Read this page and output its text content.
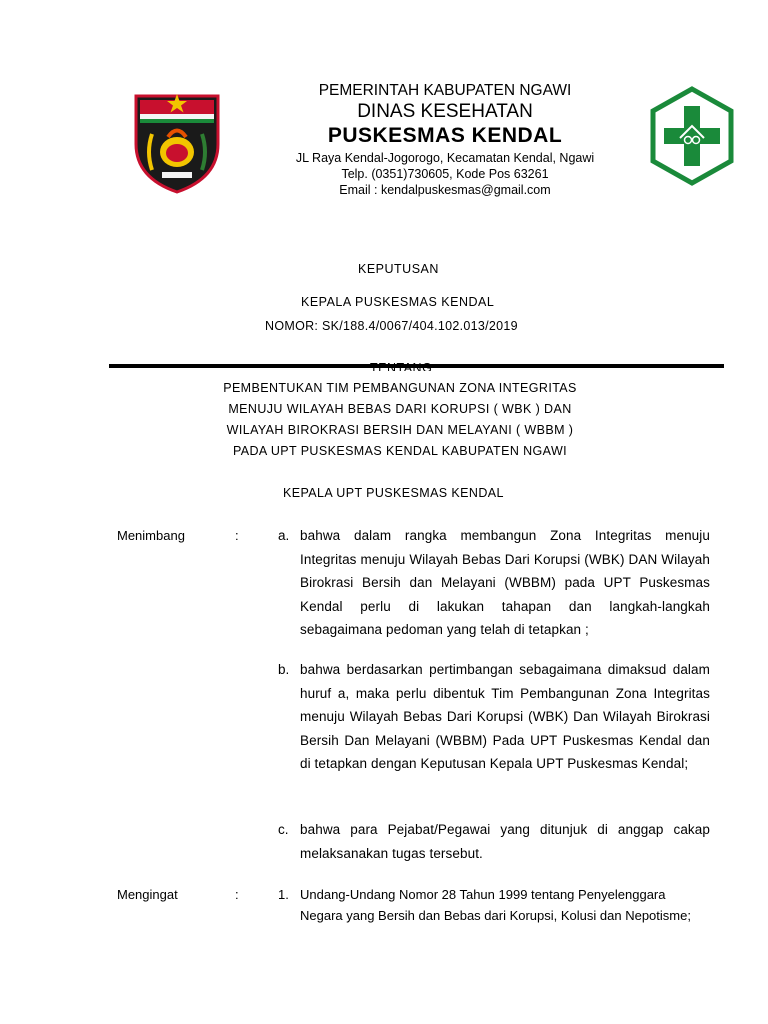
PEMERINTAH KABUPATEN NGAWI
DINAS KESEHATAN
PUSKESMAS KENDAL
JL Raya Kendal-Jogorogo, Kecamatan Kendal, Ngawi
Telp. (0351)730605, Kode Pos 63261
Email : kendalpuskesmas@gmail.com
KEPUTUSAN
KEPALA PUSKESMAS KENDAL
NOMOR: SK/188.4/0067/404.102.013/2019
PEMBENTUKAN TIM PEMBANGUNAN ZONA INTEGRITAS
MENUJU WILAYAH BEBAS DARI KORUPSI ( WBK ) DAN
WILAYAH BIROKRASI BERSIH DAN MELAYANI ( WBBM )
PADA UPT PUSKESMAS KENDAL KABUPATEN NGAWI
KEPALA UPT PUSKESMAS KENDAL
Menimbang	:	a. bahwa dalam rangka membangun Zona Integritas menuju Integritas menuju Wilayah Bebas Dari Korupsi (WBK) DAN Wilayah Birokrasi Bersih dan Melayani (WBBM) pada UPT Puskesmas Kendal perlu di lakukan tahapan dan langkah-langkah sebagaimana pedoman yang telah di tetapkan ;
b. bahwa berdasarkan pertimbangan sebagaimana dimaksud dalam huruf a, maka perlu dibentuk Tim Pembangunan Zona Integritas menuju Wilayah Bebas Dari Korupsi (WBK) Dan Wilayah Birokrasi Bersih Dan Melayani (WBBM) Pada UPT Puskesmas Kendal dan di tetapkan dengan Keputusan Kepala UPT Puskesmas Kendal;
c. bahwa para Pejabat/Pegawai yang ditunjuk di anggap cakap melaksanakan tugas tersebut.
Mengingat	:	1. Undang-Undang Nomor 28 Tahun 1999 tentang Penyelenggara Negara yang Bersih dan Bebas dari Korupsi, Kolusi dan Nepotisme;
